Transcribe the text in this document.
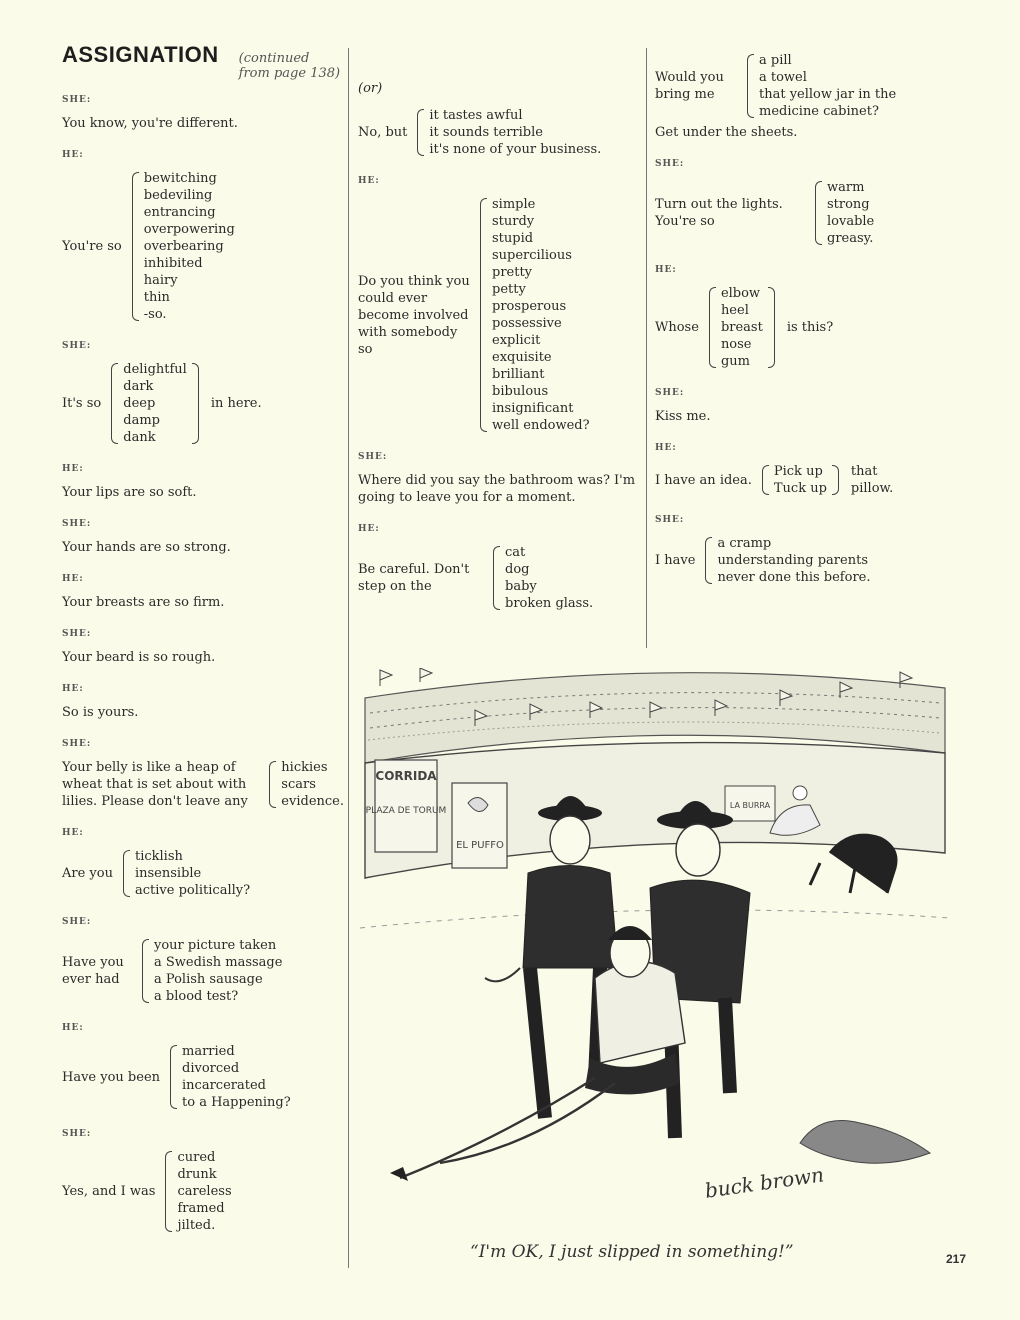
ASSIGNATION (continued from page 138)
SHE:
You know, you're different.
HE:
You're so
bewitching
bedeviling
entrancing
overpowering
overbearing
inhibited
hairy
thin
-so.
SHE:
It's so
delightful
dark
deep
damp
dank
in here.
HE:
Your lips are so soft.
SHE:
Your hands are so strong.
HE:
Your breasts are so firm.
SHE:
Your beard is so rough.
HE:
So is yours.
SHE:
Your belly is like a heap of wheat that is set about with lilies. Please don't leave any
hickies
scars
evidence.
HE:
Are you
ticklish
insensible
active politically?
SHE:
Have you ever had
your picture taken
a Swedish massage
a Polish sausage
a blood test?
HE:
Have you been
married
divorced
incarcerated
to a Happening?
SHE:
Yes, and I was
cured
drunk
careless
framed
jilted.
(or)
No, but
it tastes awful
it sounds terrible
it's none of your business.
HE:
Do you think you could ever become involved with somebody so
simple
sturdy
stupid
supercilious
pretty
petty
prosperous
possessive
explicit
exquisite
brilliant
bibulous
insignificant
well endowed?
SHE:
Where did you say the bathroom was? I'm going to leave you for a moment.
HE:
Be careful. Don't step on the
cat
dog
baby
broken glass.
Would you bring me
a pill
a towel
that yellow jar in the medicine cabinet?
Get under the sheets.
SHE:
Turn out the lights. You're so
warm
strong
lovable
greasy.
HE:
Whose
elbow
heel
breast
nose
gum
is this?
SHE:
Kiss me.
HE:
I have an idea.
Pick up
Tuck up
that pillow.
SHE:
I have
a cramp
understanding parents
never done this before.
CORRIDA
PLAZA DE TORUM
EL PUFFO
LA BURRA
buck brown
“I'm OK, I just slipped in something!”	217
